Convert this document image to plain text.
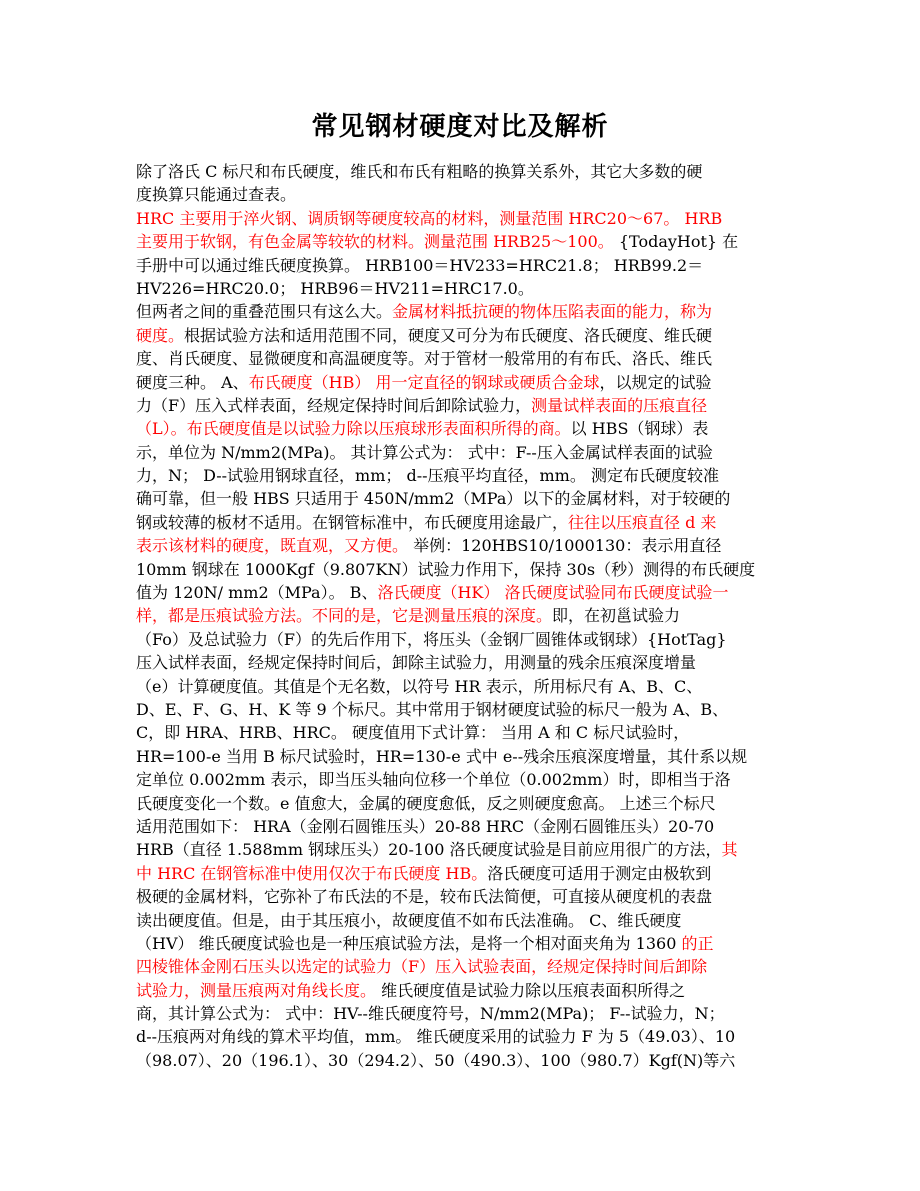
常见钢材硬度对比及解析
除了洛氏 C 标尺和布氏硬度，维氏和布氏有粗略的换算关系外，其它大多数的硬
度换算只能通过查表。
HRC 主要用于淬火钢、调质钢等硬度较高的材料，测量范围 HRC20～67。 HRB
主要用于软钢，有色金属等较软的材料。测量范围 HRB25～100。 {TodayHot} 在
手册中可以通过维氏硬度换算。 HRB100＝HV233=HRC21.8； HRB99.2＝
HV226=HRC20.0； HRB96＝HV211=HRC17.0。
但两者之间的重叠范围只有这么大。金属材料抵抗硬的物体压陷表面的能力，称为
硬度。根据试验方法和适用范围不同，硬度又可分为布氏硬度、洛氏硬度、维氏硬
度、肖氏硬度、显微硬度和高温硬度等。对于管材一般常用的有布氏、洛氏、维氏
硬度三种。 A、布氏硬度（HB） 用一定直径的钢球或硬质合金球，以规定的试验
力（F）压入式样表面，经规定保持时间后卸除试验力，测量试样表面的压痕直径
（L）。布氏硬度值是以试验力除以压痕球形表面积所得的商。以 HBS（钢球）表
示，单位为 N/mm2(MPa)。 其计算公式为： 式中：F--压入金属试样表面的试验
力，N； D--试验用钢球直径，mm； d--压痕平均直径，mm。 测定布氏硬度较准
确可靠，但一般 HBS 只适用于 450N/mm2（MPa）以下的金属材料，对于较硬的
钢或较薄的板材不适用。在钢管标准中，布氏硬度用途最广，往往以压痕直径 d 来
表示该材料的硬度，既直观，又方便。 举例：120HBS10/1000130：表示用直径
10mm 钢球在 1000Kgf（9.807KN）试验力作用下，保持 30s（秒）测得的布氏硬度
值为 120N/ mm2（MPa）。 B、洛氏硬度（HK） 洛氏硬度试验同布氏硬度试验一
样，都是压痕试验方法。不同的是，它是测量压痕的深度。即，在初邕试验力
（Fo）及总试验力（F）的先后作用下，将压头（金钢厂圆锥体或钢球）{HotTag}
压入试样表面，经规定保持时间后，卸除主试验力，用测量的残余压痕深度增量
（e）计算硬度值。其值是个无名数，以符号 HR 表示，所用标尺有 A、B、C、
D、E、F、G、H、K 等 9 个标尺。其中常用于钢材硬度试验的标尺一般为 A、B、
C，即 HRA、HRB、HRC。 硬度值用下式计算： 当用 A 和 C 标尺试验时，
HR=100-e 当用 B 标尺试验时，HR=130-e 式中 e--残余压痕深度增量，其什系以规
定单位 0.002mm 表示，即当压头轴向位移一个单位（0.002mm）时，即相当于洛
氏硬度变化一个数。e 值愈大，金属的硬度愈低，反之则硬度愈高。 上述三个标尺
适用范围如下： HRA（金刚石圆锥压头）20-88 HRC（金刚石圆锥压头）20-70
HRB（直径 1.588mm 钢球压头）20-100 洛氏硬度试验是目前应用很广的方法，其
中 HRC 在钢管标准中使用仅次于布氏硬度 HB。洛氏硬度可适用于测定由极软到
极硬的金属材料，它弥补了布氏法的不是，较布氏法简便，可直接从硬度机的表盘
读出硬度值。但是，由于其压痕小，故硬度值不如布氏法准确。 C、维氏硬度
（HV） 维氏硬度试验也是一种压痕试验方法，是将一个相对面夹角为 1360 的正
四棱锥体金刚石压头以选定的试验力（F）压入试验表面，经规定保持时间后卸除
试验力，测量压痕两对角线长度。 维氏硬度值是试验力除以压痕表面积所得之
商，其计算公式为： 式中：HV--维氏硬度符号，N/mm2(MPa)； F--试验力，N；
d--压痕两对角线的算术平均值，mm。 维氏硬度采用的试验力 F 为 5（49.03）、10
（98.07）、20（196.1）、30（294.2）、50（490.3）、100（980.7）Kgf(N)等六
